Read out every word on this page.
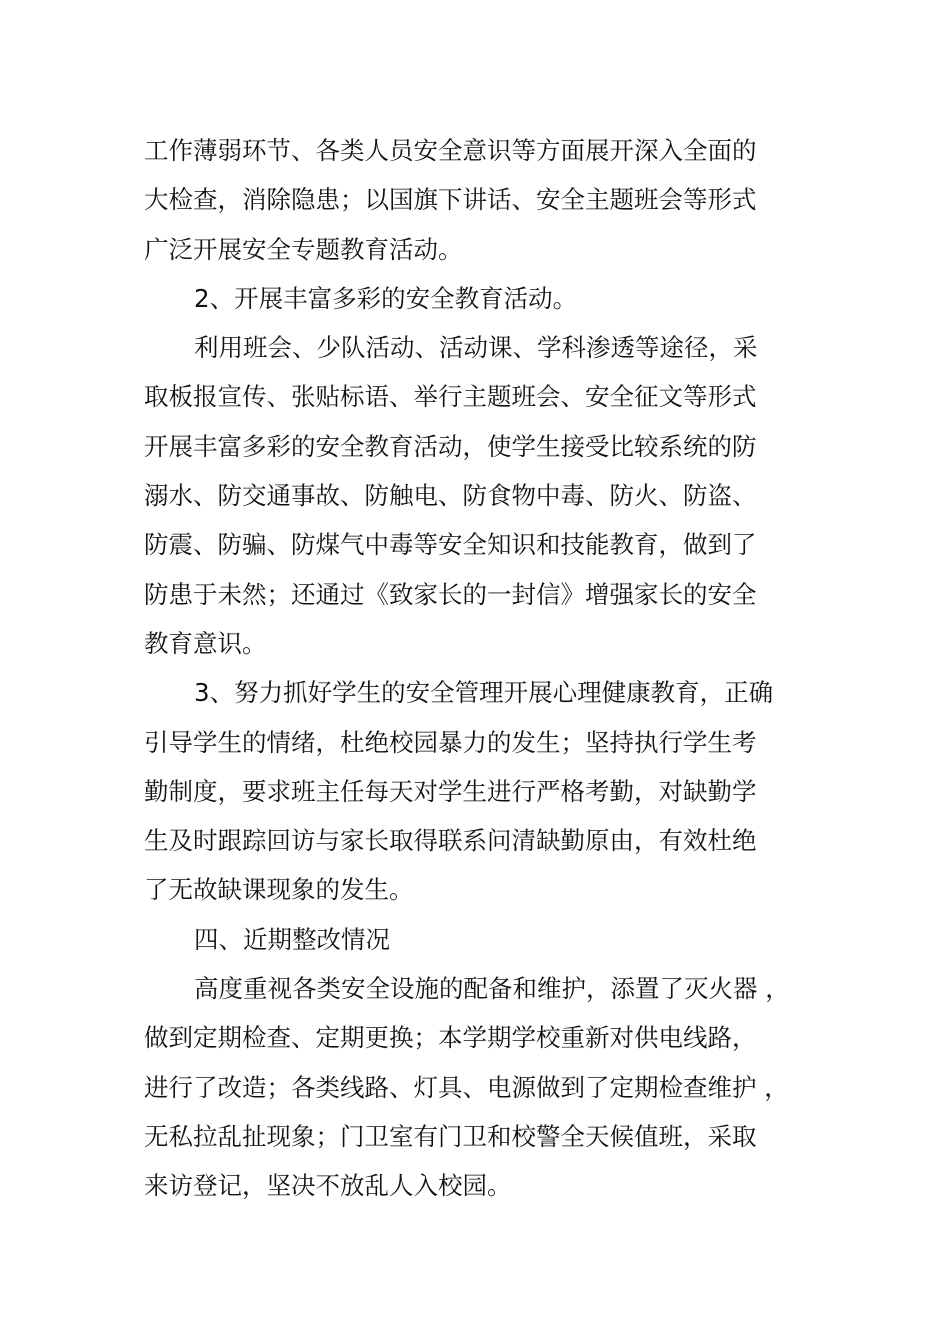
工作薄弱环节、各类人员安全意识等方面展开深入全面的
大检查，消除隐患；以国旗下讲话、安全主题班会等形式
广泛开展安全专题教育活动。
2、开展丰富多彩的安全教育活动。
利用班会、少队活动、活动课、学科渗透等途径，采
取板报宣传、张贴标语、举行主题班会、安全征文等形式
开展丰富多彩的安全教育活动，使学生接受比较系统的防
溺水、防交通事故、防触电、防食物中毒、防火、防盗、
防震、防骗、防煤气中毒等安全知识和技能教育，做到了
防患于未然；还通过《致家长的一封信》增强家长的安全
教育意识。
3、努力抓好学生的安全管理开展心理健康教育，正确
引导学生的情绪，杜绝校园暴力的发生；坚持执行学生考
勤制度，要求班主任每天对学生进行严格考勤，对缺勤学
生及时跟踪回访与家长取得联系问清缺勤原由，有效杜绝
了无故缺课现象的发生。
四、近期整改情况
高度重视各类安全设施的配备和维护，添置了灭火器 ，
做到定期检查、定期更换；本学期学校重新对供电线路，
进行了改造；各类线路、灯具、电源做到了定期检查维护 ，
无私拉乱扯现象；门卫室有门卫和校警全天候值班，采取
来访登记，坚决不放乱人入校园。
